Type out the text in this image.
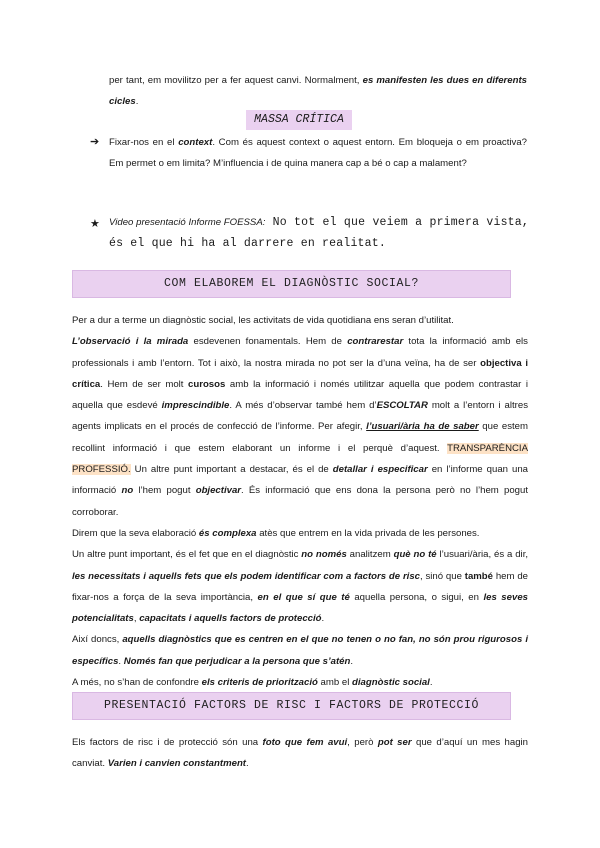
per tant, em movilitzo per a fer aquest canvi. Normalment, es manifesten les dues en diferents cicles.
MASSA CRÍTICA
➔ Fixar-nos en el context. Com és aquest context o aquest entorn. Em bloqueja o em proactiva? Em permet o em limita? M’influencia i de quina manera cap a bé o cap a malament?
★ Video presentació Informe FOESSA: No tot el que veiem a primera vista, és el que hi ha al darrere en realitat.
COM ELABOREM EL DIAGNÒSTIC SOCIAL?
Per a dur a terme un diagnòstic social, les activitats de vida quotidiana ens seran d’utilitat.
L’observació i la mirada esdevenen fonamentals. Hem de contrarestar tota la informació amb els professionals i amb l’entorn. Tot i això, la nostra mirada no pot ser la d’una veïna, ha de ser objectiva i crítica. Hem de ser molt curosos amb la informació i només utilitzar aquella que podem contrastar i aquella que esdevé imprescindible. A més d’observar també hem d’ESCOLTAR molt a l’entorn i altres agents implicats en el procés de confecció de l’informe. Per afegir, l’usuari/ària ha de saber que estem recollint informació i que estem elaborant un informe i el perquè d’aquest. TRANSPARÈNCIA PROFESSIÓ. Un altre punt important a destacar, és el de detallar i especificar en l’informe quan una informació no l’hem pogut objectivar. És informació que ens dona la persona però no l’hem pogut corroborar.
Direm que la seva elaboració és complexa atès que entrem en la vida privada de les persones.
Un altre punt important, és el fet que en el diagnòstic no només analitzem què no té l’usuari/ària, és a dir, les necessitats i aquells fets que els podem identificar com a factors de risc, sinó que també hem de fixar-nos a força de la seva importància, en el que sí que té aquella persona, o sigui, en les seves potencialitats, capacitats i aquells factors de protecció.
Així doncs, aquells diagnòstics que es centren en el que no tenen o no fan, no són prou rigurosos i específics. Només fan que perjudicar a la persona que s’atén.
A més, no s’han de confondre els criteris de priorització amb el diagnòstic social.
PRESENTACIÓ FACTORS DE RISC I FACTORS DE PROTECCIÓ
Els factors de risc i de protecció són una foto que fem avui, però pot ser que d’aquí un mes hagin canviat. Varien i canvien constantment.
